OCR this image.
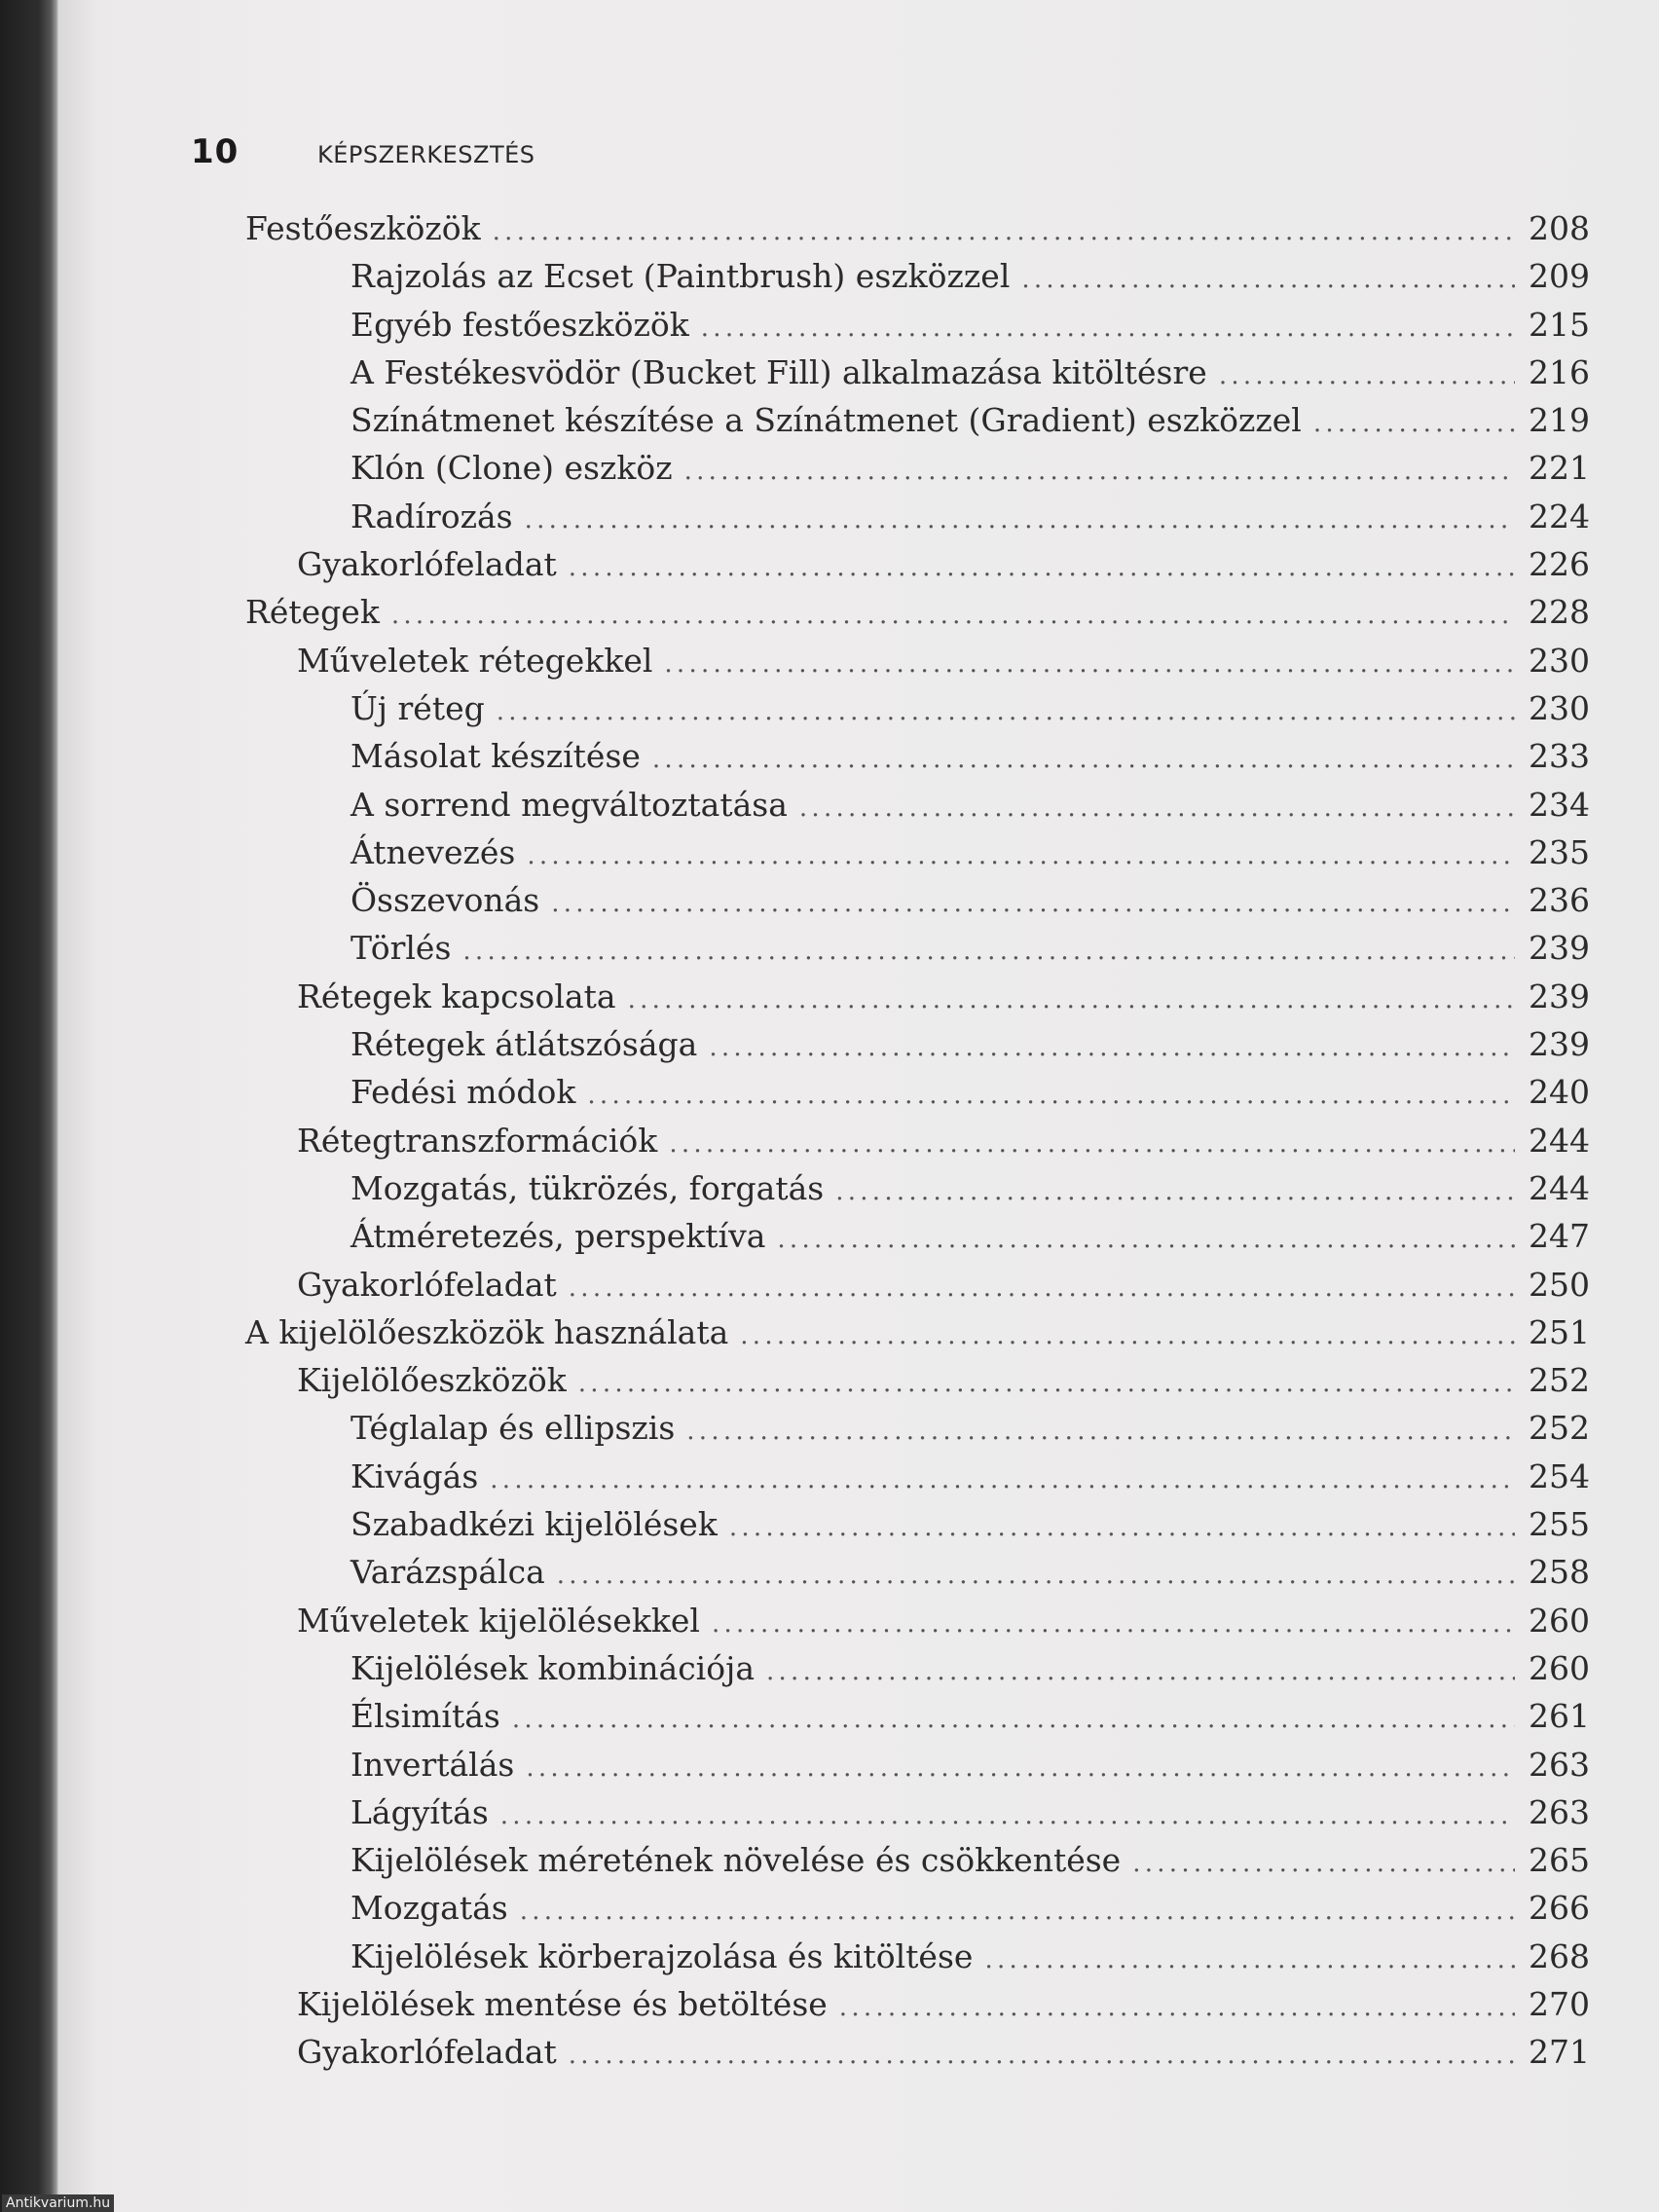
10	KÉPSZERKESZTÉS
Festőeszközök . . .	208
Rajzolás az Ecset (Paintbrush) eszközzel . . .	209
Egyéb festőeszközök . . .	215
A Festékesvödör (Bucket Fill) alkalmazása kitöltésre . . .	216
Színátmenet készítése a Színátmenet (Gradient) eszközzel . . .	219
Klón (Clone) eszköz . . .	221
Radírozás . . .	224
Gyakorlófeladat . . .	226
Rétegek . . .	228
Műveletek rétegekkel . . .	230
Új réteg . . .	230
Másolat készítése . . .	233
A sorrend megváltoztatása . . .	234
Átnevezés . . .	235
Összevonás . . .	236
Törlés . . .	239
Rétegek kapcsolata . . .	239
Rétegek átlátszósága . . .	239
Fedési módok . . .	240
Rétegtranszformációk . . .	244
Mozgatás, tükrözés, forgatás . . .	244
Átméretezés, perspektíva . . .	247
Gyakorlófeladat . . .	250
A kijelölőeszközök használata . . .	251
Kijelölőeszközök . . .	252
Téglalap és ellipszis . . .	252
Kivágás . . .	254
Szabadkézi kijelölések . . .	255
Varázspálca . . .	258
Műveletek kijelölésekkel . . .	260
Kijelölések kombinációja . . .	260
Élsimítás . . .	261
Invertálás . . .	263
Lágyítás . . .	263
Kijelölések méretének növelése és csökkentése . . .	265
Mozgatás . . .	266
Kijelölések körberajzolása és kitöltése . . .	268
Kijelölések mentése és betöltése . . .	270
Gyakorlófeladat . . .	271
Antikvarium.hu
